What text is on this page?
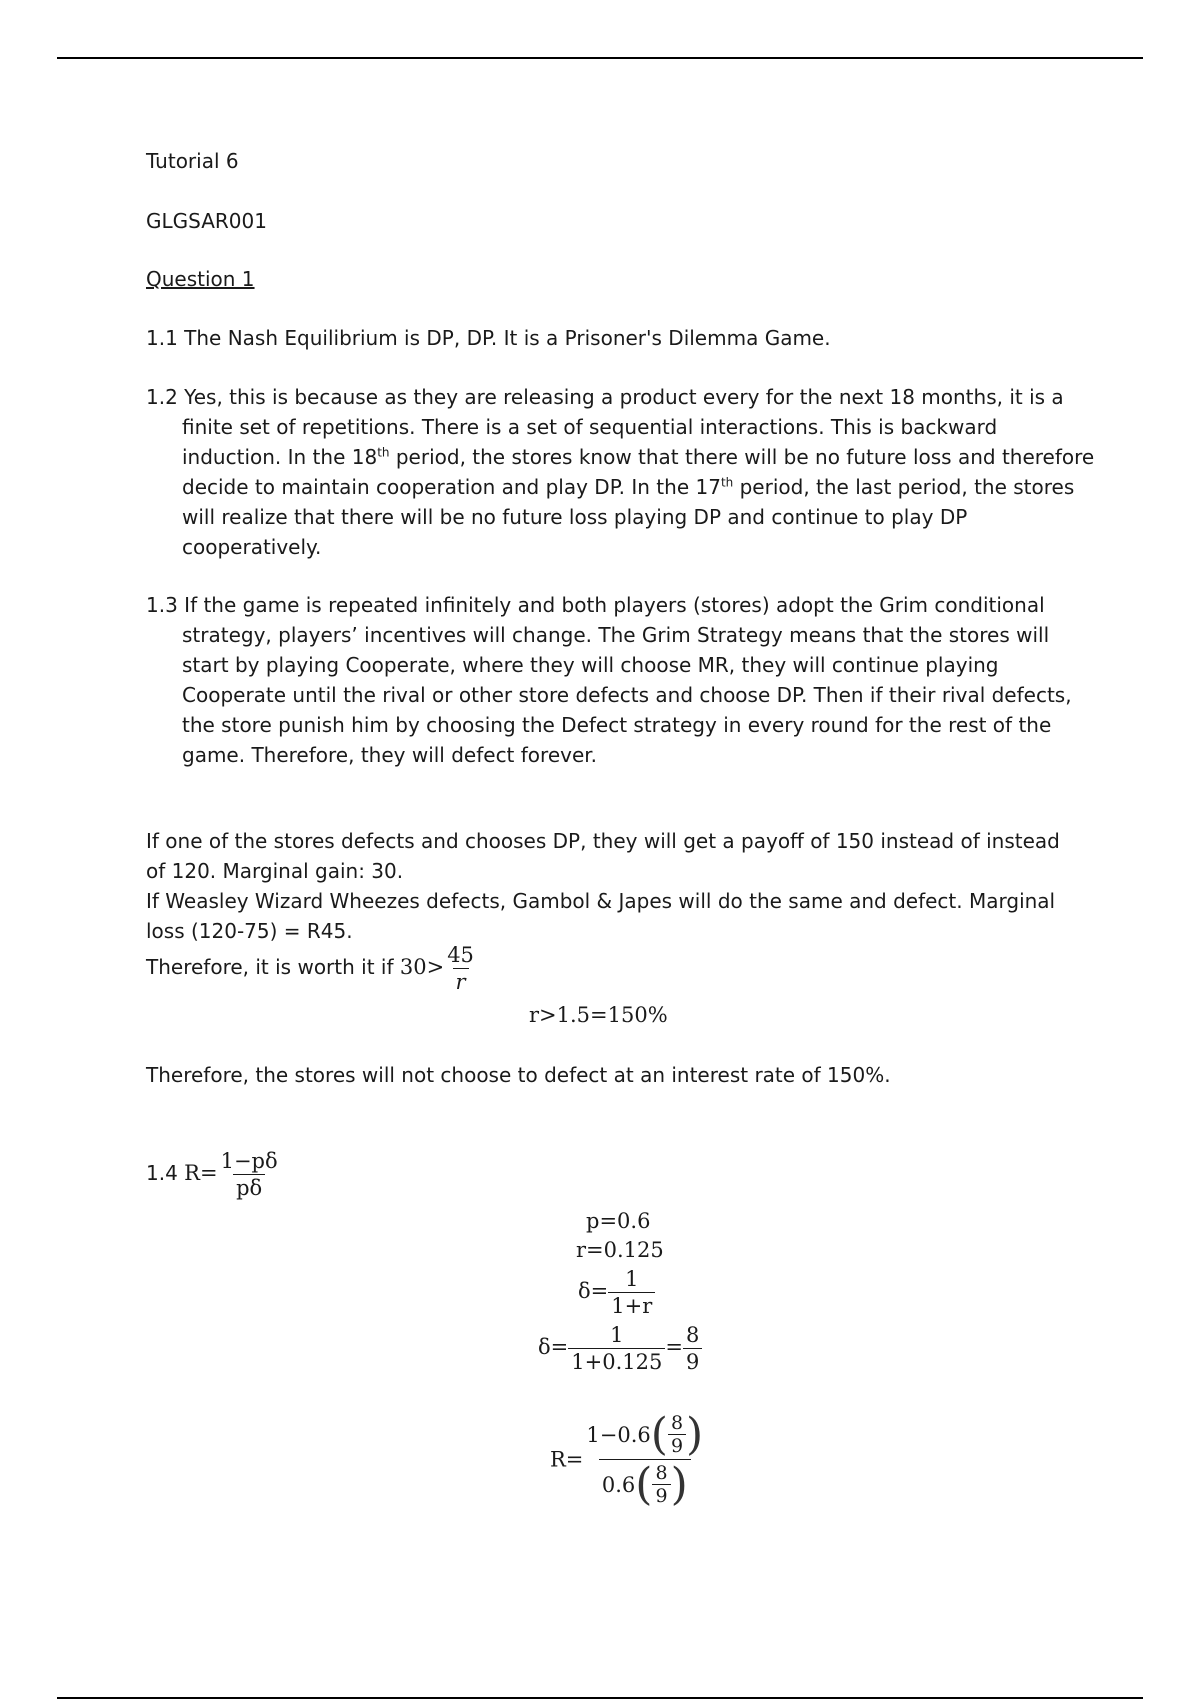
Tutorial 6
GLGSAR001
Question 1
1.1 The Nash Equilibrium is DP, DP. It is a Prisoner's Dilemma Game.
1.2 Yes, this is because as they are releasing a product every for the next 18 months, it is a finite set of repetitions. There is a set of sequential interactions. This is backward induction. In the 18th period, the stores know that there will be no future loss and therefore decide to maintain cooperation and play DP. In the 17th period, the last period, the stores will realize that there will be no future loss playing DP and continue to play DP cooperatively.
1.3 If the game is repeated infinitely and both players (stores) adopt the Grim conditional strategy, players’ incentives will change. The Grim Strategy means that the stores will start by playing Cooperate, where they will choose MR, they will continue playing Cooperate until the rival or other store defects and choose DP. Then if their rival defects, the store punish him by choosing the Defect strategy in every round for the rest of the game. Therefore, they will defect forever.
If one of the stores defects and chooses DP, they will get a payoff of 150 instead of instead of 120. Marginal gain: 30.
If Weasley Wizard Wheezes defects, Gambol & Japes will do the same and defect. Marginal loss (120-75) = R45.
Therefore, it is worth it if $30> \frac{45}{r}$
r>1.5=150%
Therefore, the stores will not choose to defect at an interest rate of 150%.
1.4 $R= \frac{1-p\delta}{p\delta}$
p=0.6
r=0.125
$\delta= \frac{1}{1+r}$
$\delta= \frac{1}{1+0.125} = \frac{8}{9}$
$R= \frac{1-0.6 ( \frac{8}{9} )}{0.6 ( \frac{8}{9} )}$
